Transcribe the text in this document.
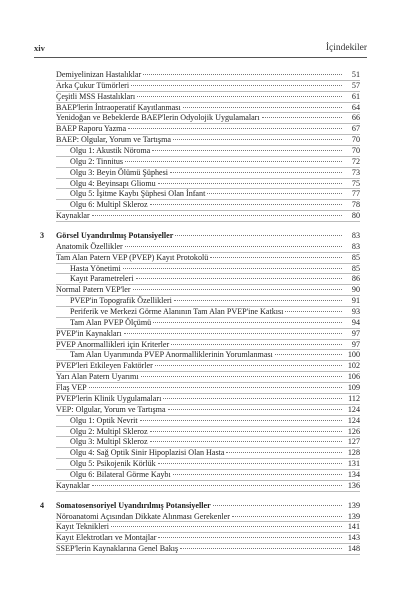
xiv	İçindekiler
Demiyelinizan Hastalıklar	51
Arka Çukur Tümörleri	57
Çeşitli MSS Hastalıkları	61
BAEP'lerin İntraoperatif Kayıtlanması	64
Yenidoğan ve Bebeklerde BAEP'lerin Odyolojik Uygulamaları	66
BAEP Raporu Yazma	67
BAEP: Olgular, Yorum ve Tartışma	70
Olgu 1: Akustik Nöroma	70
Olgu 2: Tinnitus	72
Olgu 3: Beyin Ölümü Şüphesi	73
Olgu 4: Beyinsapı Gliomu	75
Olgu 5: İşitme Kaybı Şüphesi Olan İnfant	77
Olgu 6: Multipl Skleroz	78
Kaynaklar	80
3	Görsel Uyandırılmış Potansiyeller	83
Anatomik Özellikler	83
Tam Alan Patern VEP (PVEP) Kayıt Protokolü	85
Hasta Yönetimi	85
Kayıt Parametreleri	86
Normal Patern VEP'ler	90
PVEP'in Topografik Özellikleri	91
Periferik ve Merkezi Görme Alanının Tam Alan PVEP'ine Katkısı	93
Tam Alan PVEP Ölçümü	94
PVEP'in Kaynakları	97
PVEP Anormallikleri için Kriterler	97
Tam Alan Uyarımında PVEP Anormalliklerinin Yorumlanması	100
PVEP'leri Etkileyen Faktörler	102
Yarı Alan Patern Uyarımı	106
Flaş VEP	109
PVEP'lerin Klinik Uygulamaları	112
VEP: Olgular, Yorum ve Tartışma	124
Olgu 1: Optik Nevrit	124
Olgu 2: Multipl Skleroz	126
Olgu 3: Multipl Skleroz	127
Olgu 4: Sağ Optik Sinir Hipoplazisi Olan Hasta	128
Olgu 5: Psikojenik Körlük	131
Olgu 6: Bilateral Görme Kaybı	134
Kaynaklar	136
4	Somatosensoriyel Uyandırılmış Potansiyeller	139
Nöroanatomi Açısından Dikkate Alınması Gerekenler	139
Kayıt Teknikleri	141
Kayıt Elektrotları ve Montajlar	143
SSEP'lerin Kaynaklarına Genel Bakış	148
